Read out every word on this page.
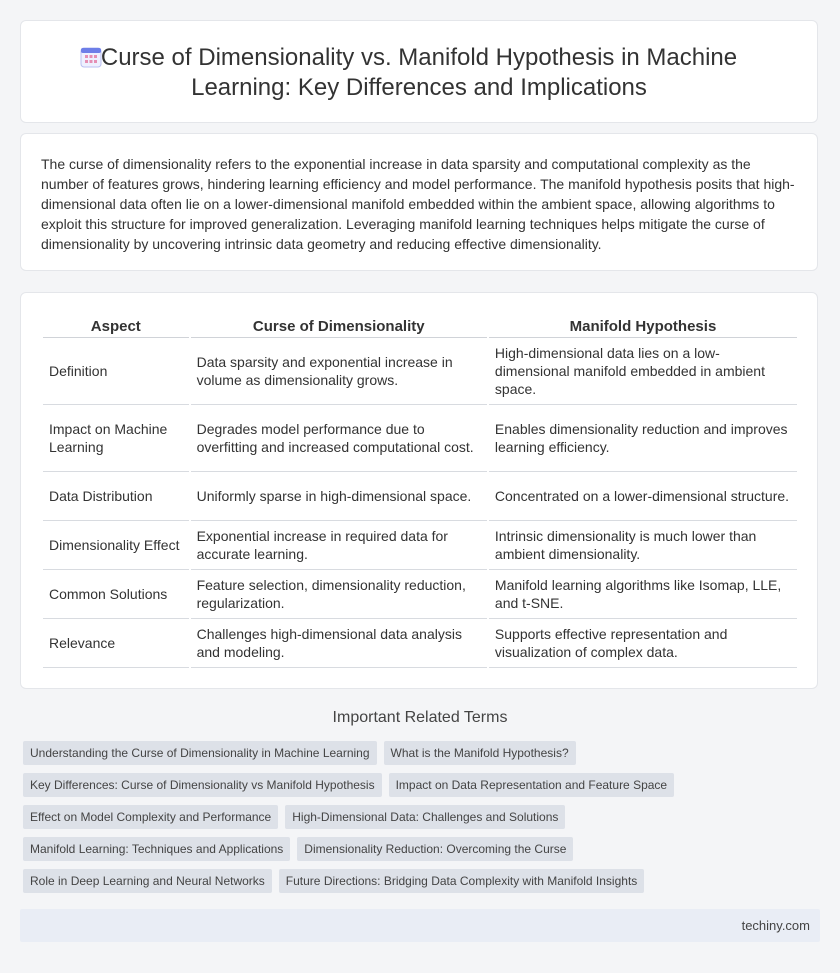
Curse of Dimensionality vs. Manifold Hypothesis in Machine Learning: Key Differences and Implications

The curse of dimensionality refers to the exponential increase in data sparsity and computational complexity as the number of features grows, hindering learning efficiency and model performance. The manifold hypothesis posits that high-dimensional data often lie on a lower-dimensional manifold embedded within the ambient space, allowing algorithms to exploit this structure for improved generalization. Leveraging manifold learning techniques helps mitigate the curse of dimensionality by uncovering intrinsic data geometry and reducing effective dimensionality.

Aspect	Curse of Dimensionality	Manifold Hypothesis
Definition	Data sparsity and exponential increase in volume as dimensionality grows.	High-dimensional data lies on a low-dimensional manifold embedded in ambient space.
Impact on Machine Learning	Degrades model performance due to overfitting and increased computational cost.	Enables dimensionality reduction and improves learning efficiency.
Data Distribution	Uniformly sparse in high-dimensional space.	Concentrated on a lower-dimensional structure.
Dimensionality Effect	Exponential increase in required data for accurate learning.	Intrinsic dimensionality is much lower than ambient dimensionality.
Common Solutions	Feature selection, dimensionality reduction, regularization.	Manifold learning algorithms like Isomap, LLE, and t-SNE.
Relevance	Challenges high-dimensional data analysis and modeling.	Supports effective representation and visualization of complex data.
Important Related Terms
Understanding the Curse of Dimensionality in Machine Learning	What is the Manifold Hypothesis?
Key Differences: Curse of Dimensionality vs Manifold Hypothesis	Impact on Data Representation and Feature Space
Effect on Model Complexity and Performance	High-Dimensional Data: Challenges and Solutions
Manifold Learning: Techniques and Applications	Dimensionality Reduction: Overcoming the Curse
Role in Deep Learning and Neural Networks	Future Directions: Bridging Data Complexity with Manifold Insights
techiny.com
